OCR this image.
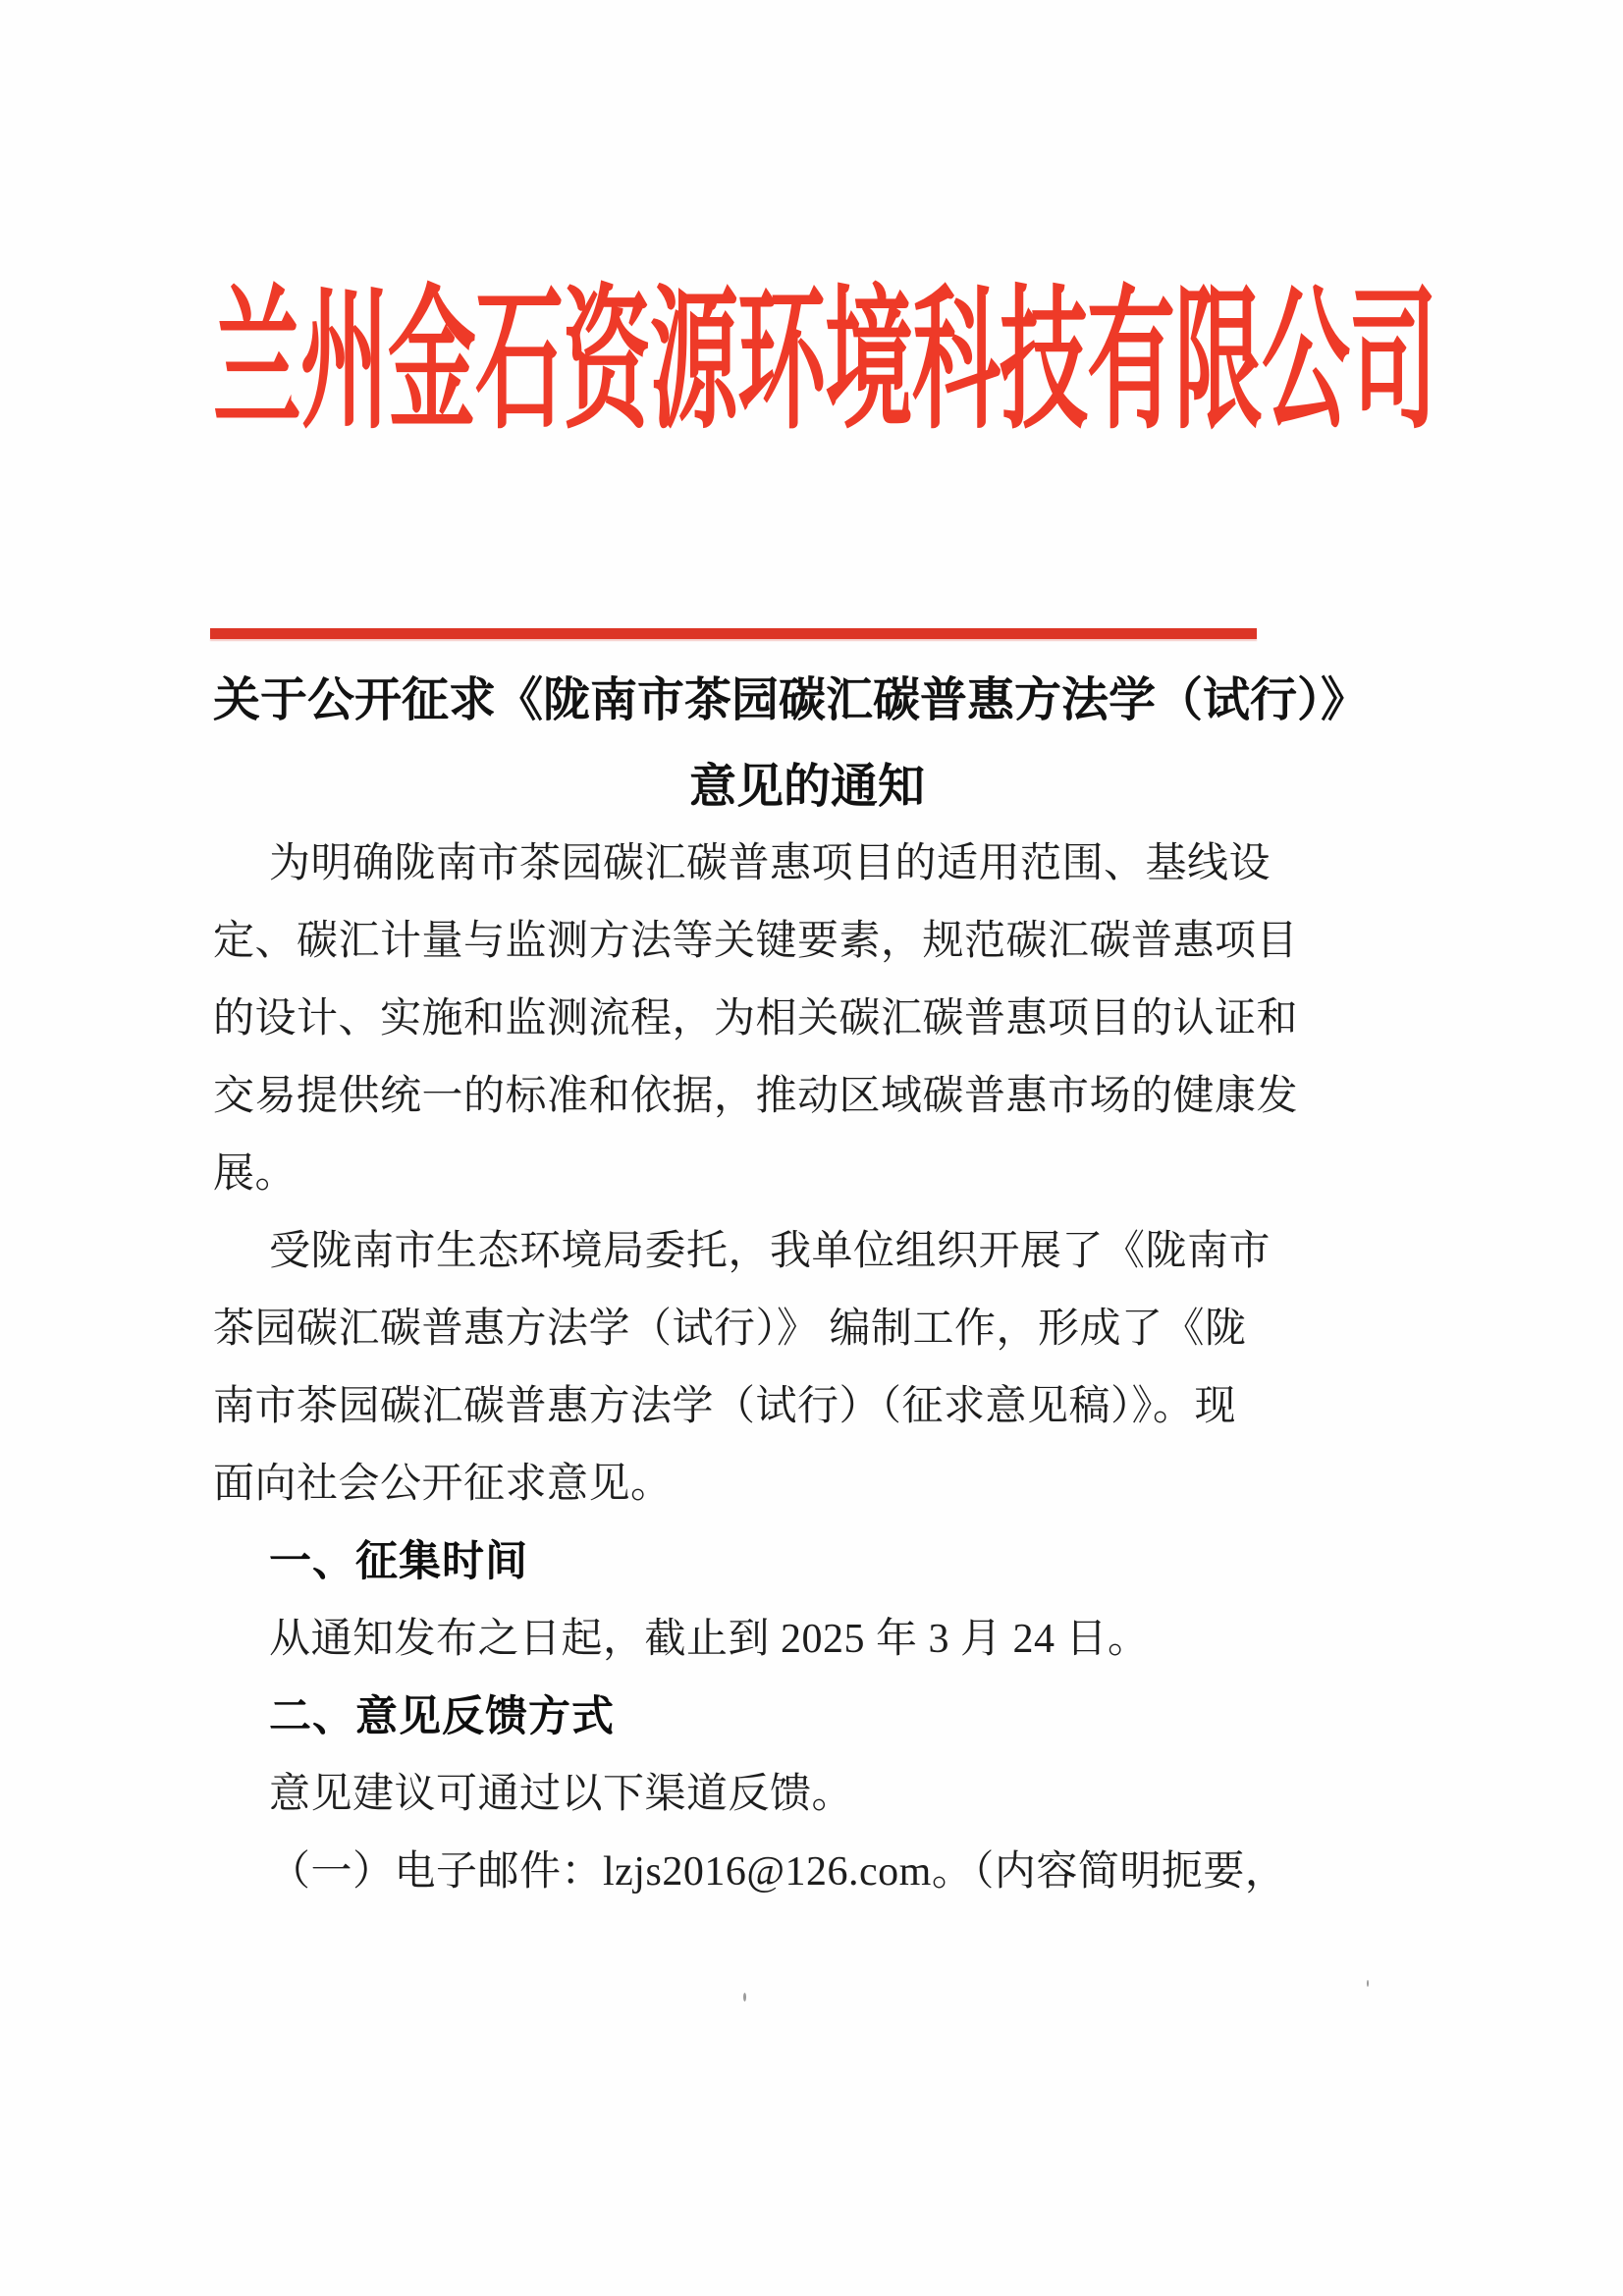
兰州金石资源环境科技有限公司
关于公开征求《陇南市茶园碳汇碳普惠方法学（试行）》
意见的通知
为明确陇南市茶园碳汇碳普惠项目的适用范围、基线设
定、碳汇计量与监测方法等关键要素，规范碳汇碳普惠项目
的设计、实施和监测流程，为相关碳汇碳普惠项目的认证和
交易提供统一的标准和依据，推动区域碳普惠市场的健康发
展。
受陇南市生态环境局委托，我单位组织开展了《陇南市
茶园碳汇碳普惠方法学（试行）》 编制工作，形成了《陇
南市茶园碳汇碳普惠方法学（试行）（征求意见稿）》。现
面向社会公开征求意见。
一、征集时间
从通知发布之日起，截止到 2025 年 3 月 24 日。
二、意见反馈方式
意见建议可通过以下渠道反馈。
（一）电子邮件：lzjs2016@126.com。（内容简明扼要，
